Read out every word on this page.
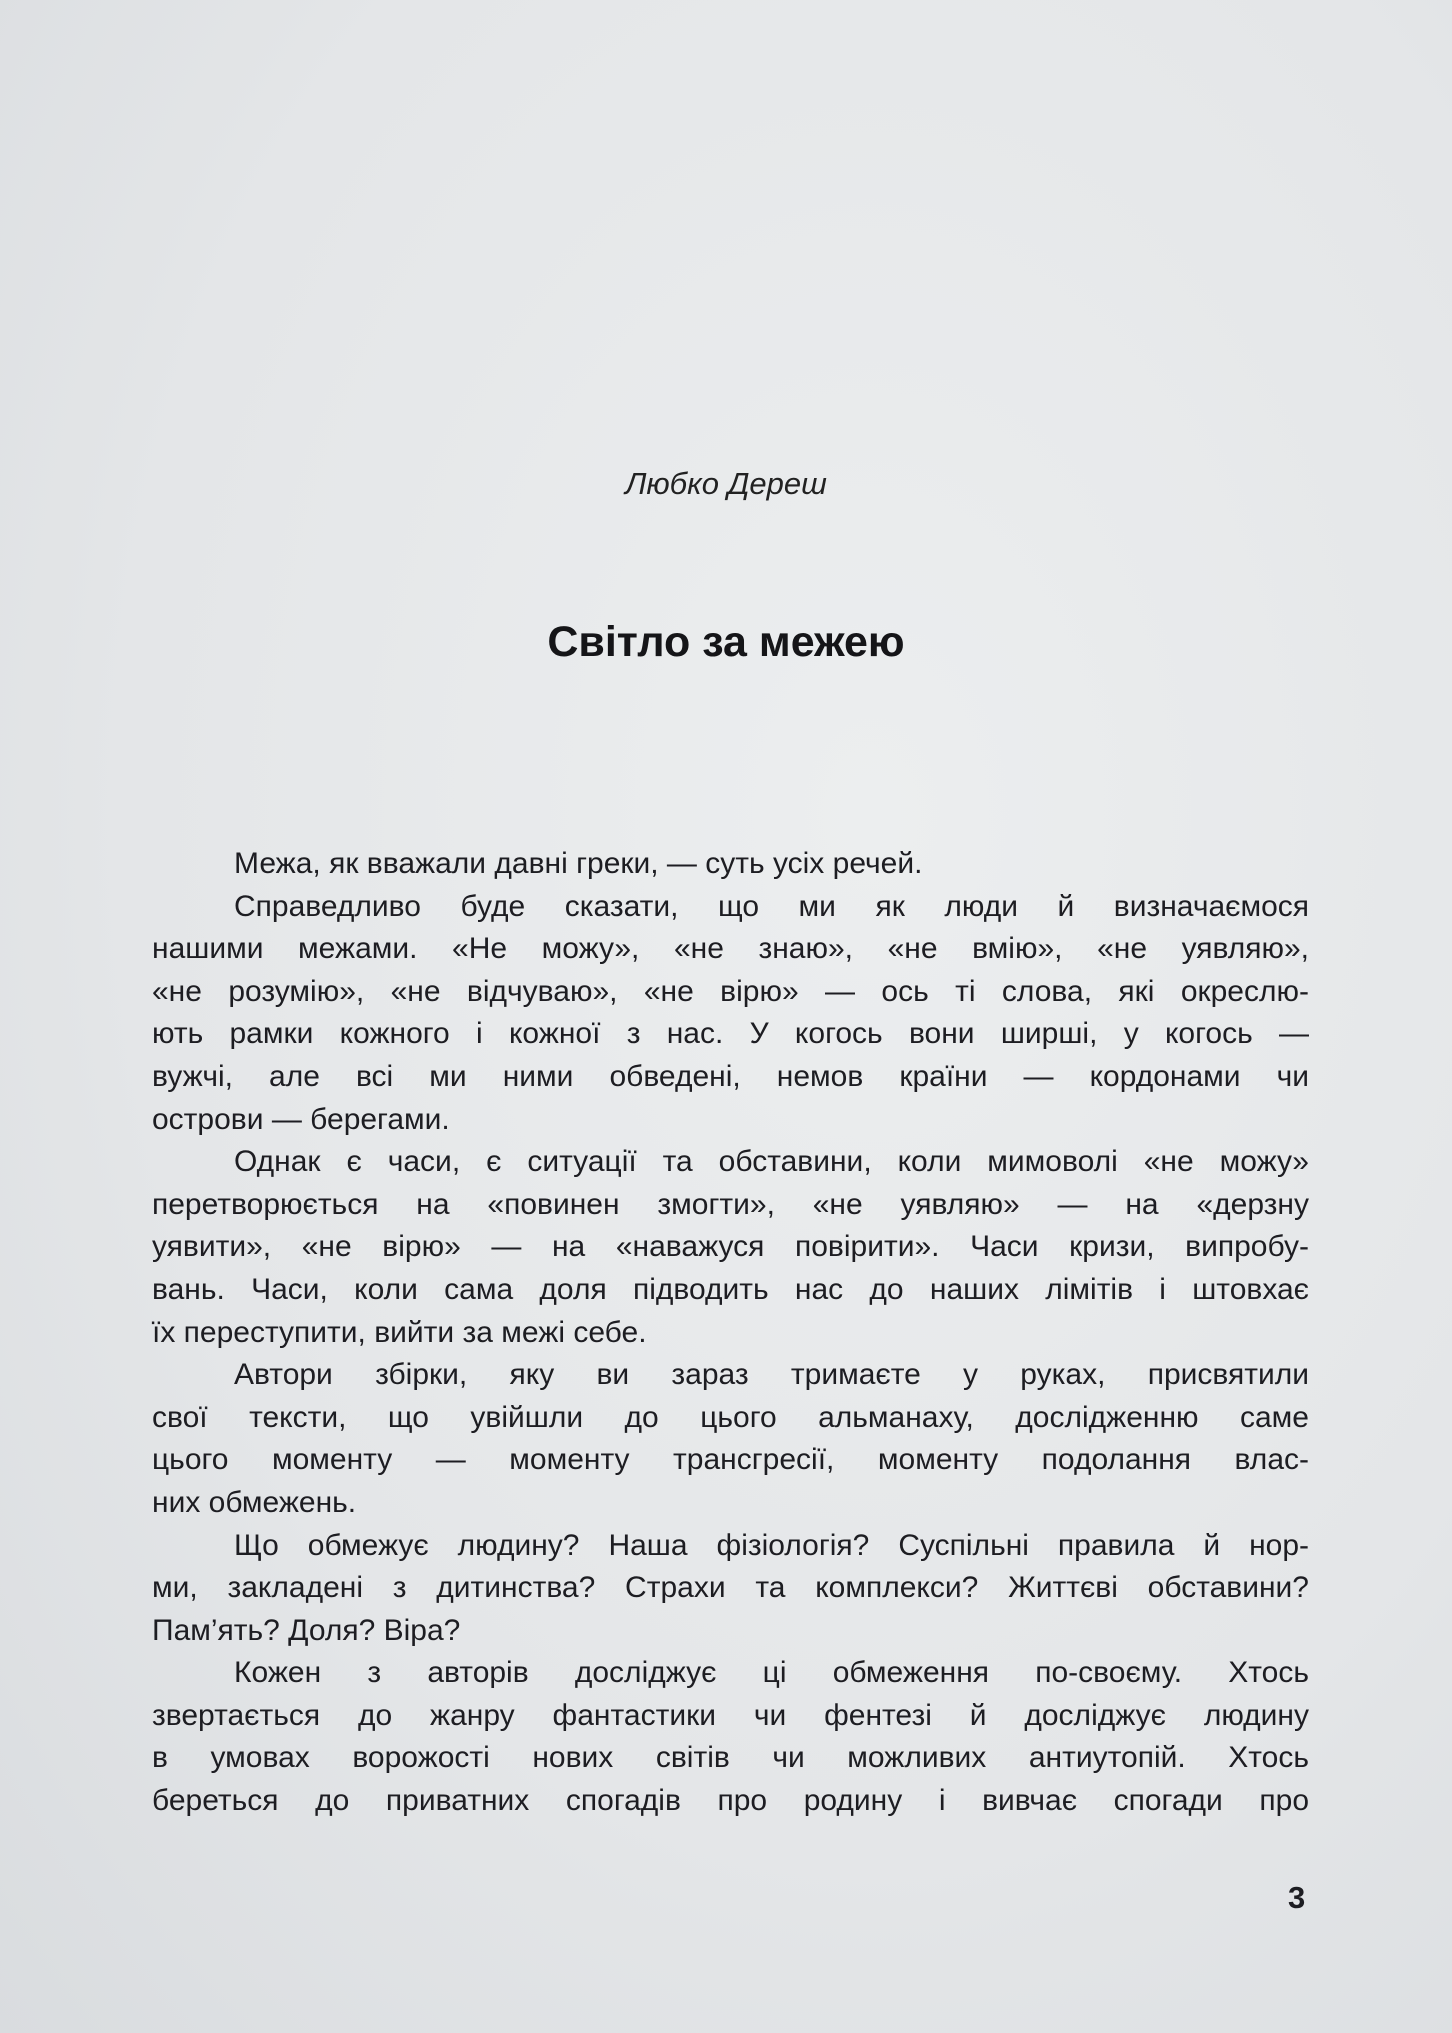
Любко Дереш
Світло за межею
Межа, як вважали давні греки, — суть усіх речей.
Справедливо буде сказати, що ми як люди й визначаємося
нашими межами. «Не можу», «не знаю», «не вмію», «не уявляю»,
«не розумію», «не відчуваю», «не вірю» — ось ті слова, які окреслю-
ють рамки кожного і кожної з нас. У когось вони ширші, у когось —
вужчі, але всі ми ними обведені, немов країни — кордонами чи
острови — берегами.
Однак є часи, є ситуації та обставини, коли мимоволі «не можу»
перетворюється на «повинен змогти», «не уявляю» — на «дерзну
уявити», «не вірю» — на «наважуся повірити». Часи кризи, випробу-
вань. Часи, коли сама доля підводить нас до наших лімітів і штовхає
їх переступити, вийти за межі себе.
Автори збірки, яку ви зараз тримаєте у руках, присвятили
свої тексти, що увійшли до цього альманаху, дослідженню саме
цього моменту — моменту трансгресії, моменту подолання влас-
них обмежень.
Що обмежує людину? Наша фізіологія? Суспільні правила й нор-
ми, закладені з дитинства? Страхи та комплекси? Життєві обставини?
Пам’ять? Доля? Віра?
Кожен з авторів досліджує ці обмеження по-своєму. Хтось
звертається до жанру фантастики чи фентезі й досліджує людину
в умовах ворожості нових світів чи можливих антиутопій. Хтось
береться до приватних спогадів про родину і вивчає спогади про
3
